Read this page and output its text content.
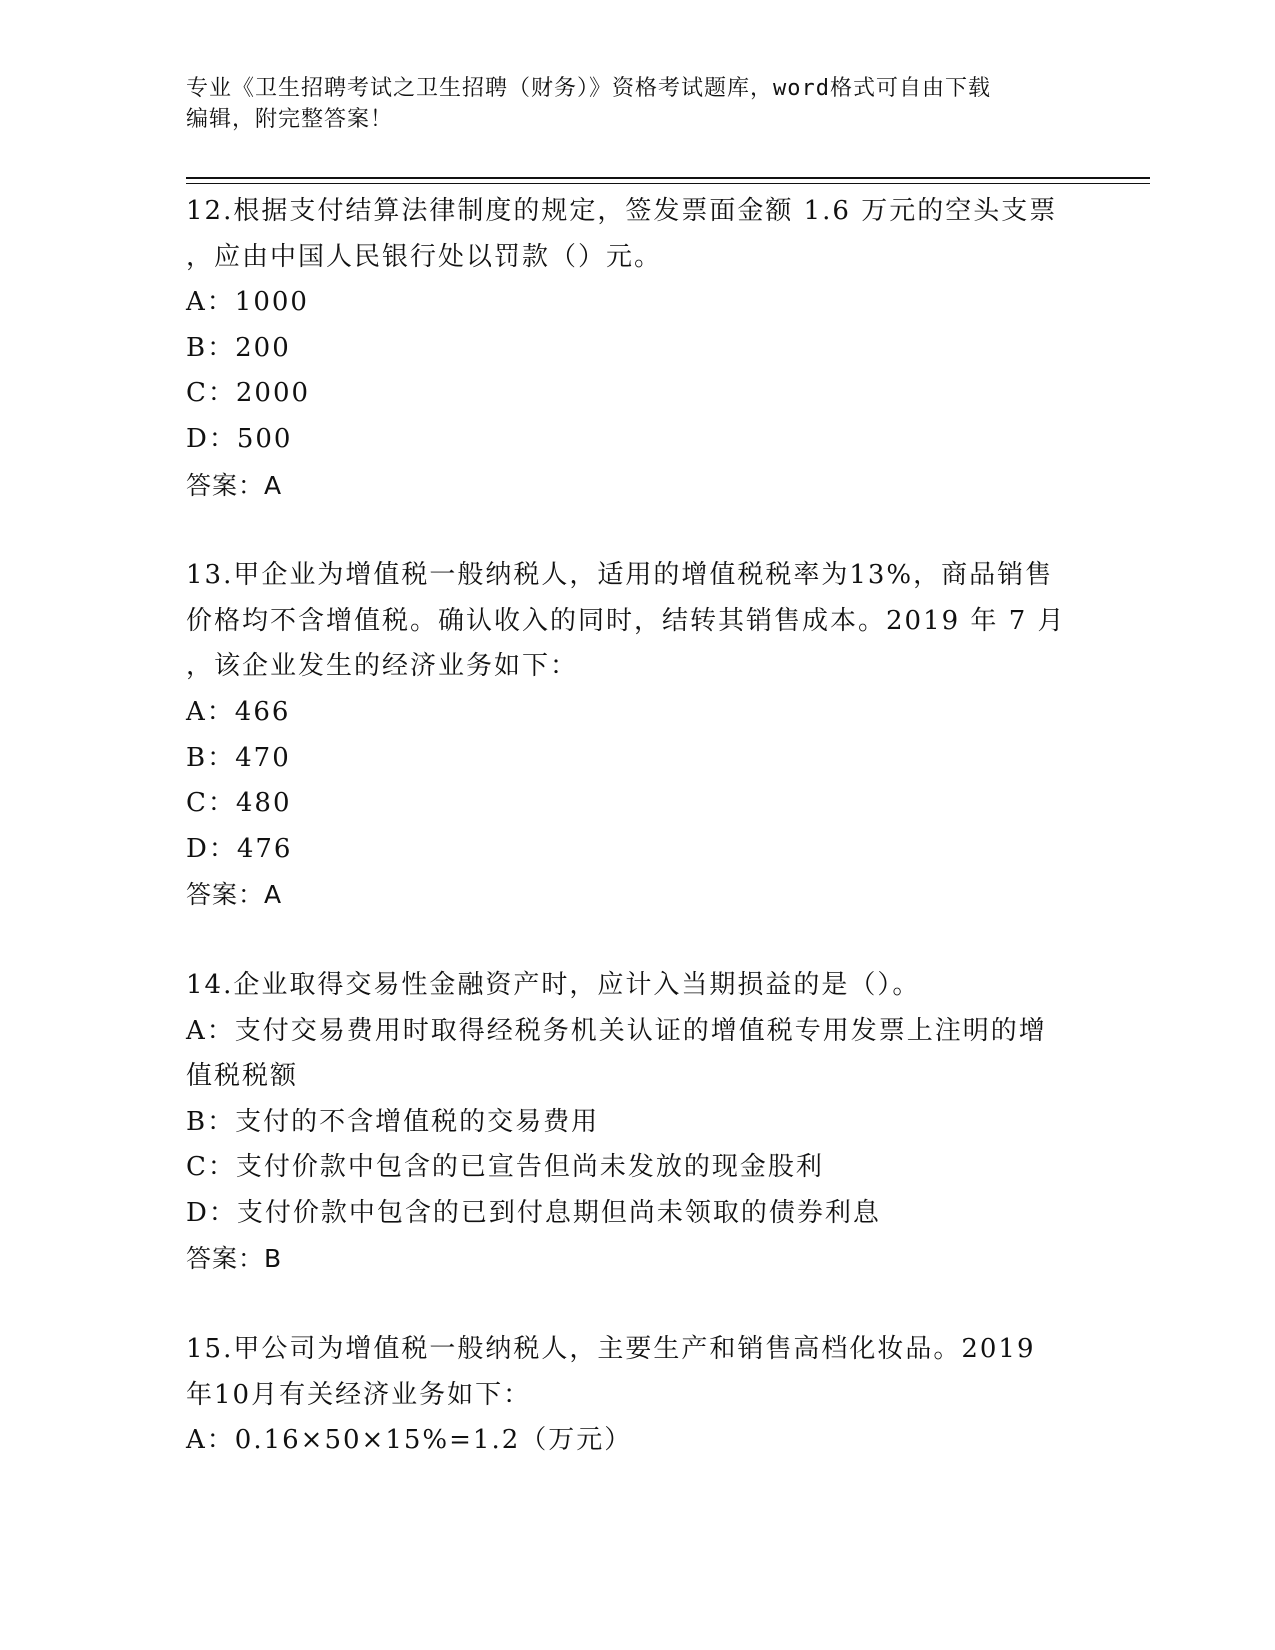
专业《卫生招聘考试之卫生招聘（财务）》资格考试题库，word格式可自由下载
编辑，附完整答案！
12.根据支付结算法律制度的规定，签发票面金额 1.6 万元的空头支票
，应由中国人民银行处以罚款（）元。
A：1000
B：200
C：2000
D：500
答案：A
13.甲企业为增值税一般纳税人，适用的增值税税率为13%，商品销售
价格均不含增值税。确认收入的同时，结转其销售成本。2019 年 7 月
，该企业发生的经济业务如下：
A：466
B：470
C：480
D：476
答案：A
14.企业取得交易性金融资产时，应计入当期损益的是（）。
A：支付交易费用时取得经税务机关认证的增值税专用发票上注明的增
值税税额
B：支付的不含增值税的交易费用
C：支付价款中包含的已宣告但尚未发放的现金股利
D：支付价款中包含的已到付息期但尚未领取的债券利息
答案：B
15.甲公司为增值税一般纳税人，主要生产和销售高档化妆品。2019
年10月有关经济业务如下：
A：0.16×50×15%=1.2（万元）
